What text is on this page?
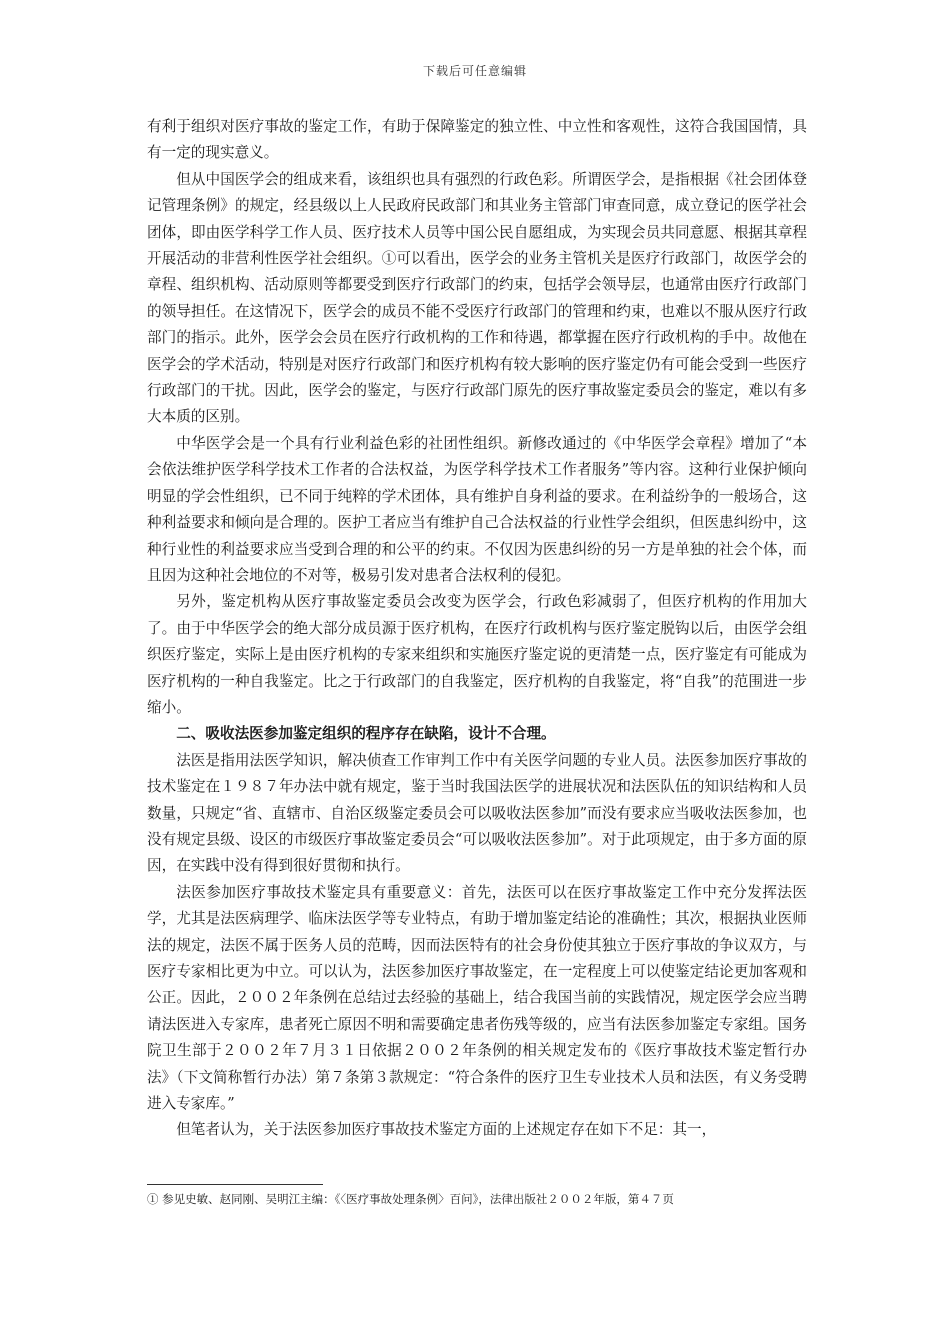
下载后可任意编辑

有利于组织对医疗事故的鉴定工作，有助于保障鉴定的独立性、中立性和客观性，这符合我国国情，具有一定的现实意义。

但从中国医学会的组成来看，该组织也具有强烈的行政色彩。所谓医学会，是指根据《社会团体登记管理条例》的规定，经县级以上人民政府民政部门和其业务主管部门审查同意，成立登记的医学社会团体，即由医学科学工作人员、医疗技术人员等中国公民自愿组成，为实现会员共同意愿、根据其章程开展活动的非营利性医学社会组织。①可以看出，医学会的业务主管机关是医疗行政部门，故医学会的章程、组织机构、活动原则等都要受到医疗行政部门的约束，包括学会领导层，也通常由医疗行政部门的领导担任。在这情况下，医学会的成员不能不受医疗行政部门的管理和约束，也难以不服从医疗行政部门的指示。此外，医学会会员在医疗行政机构的工作和待遇，都掌握在医疗行政机构的手中。故他在医学会的学术活动，特别是对医疗行政部门和医疗机构有较大影响的医疗鉴定仍有可能会受到一些医疗行政部门的干扰。因此，医学会的鉴定，与医疗行政部门原先的医疗事故鉴定委员会的鉴定，难以有多大本质的区别。

中华医学会是一个具有行业利益色彩的社团性组织。新修改通过的《中华医学会章程》增加了“本会依法维护医学科学技术工作者的合法权益，为医学科学技术工作者服务”等内容。这种行业保护倾向明显的学会性组织，已不同于纯粹的学术团体，具有维护自身利益的要求。在利益纷争的一般场合，这种利益要求和倾向是合理的。医护工者应当有维护自己合法权益的行业性学会组织，但医患纠纷中，这种行业性的利益要求应当受到合理的和公平的约束。不仅因为医患纠纷的另一方是单独的社会个体，而且因为这种社会地位的不对等，极易引发对患者合法权利的侵犯。

另外，鉴定机构从医疗事故鉴定委员会改变为医学会，行政色彩减弱了，但医疗机构的作用加大了。由于中华医学会的绝大部分成员源于医疗机构，在医疗行政机构与医疗鉴定脱钩以后，由医学会组织医疗鉴定，实际上是由医疗机构的专家来组织和实施医疗鉴定说的更清楚一点，医疗鉴定有可能成为医疗机构的一种自我鉴定。比之于行政部门的自我鉴定，医疗机构的自我鉴定，将“自我”的范围进一步缩小。

二、吸收法医参加鉴定组织的程序存在缺陷，设计不合理。

法医是指用法医学知识，解决侦查工作审判工作中有关医学问题的专业人员。法医参加医疗事故的技术鉴定在１９８７年办法中就有规定，鉴于当时我国法医学的进展状况和法医队伍的知识结构和人员数量，只规定“省、直辖市、自治区级鉴定委员会可以吸收法医参加”而没有要求应当吸收法医参加，也没有规定县级、设区的市级医疗事故鉴定委员会“可以吸收法医参加”。对于此项规定，由于多方面的原因，在实践中没有得到很好贯彻和执行。

法医参加医疗事故技术鉴定具有重要意义：首先，法医可以在医疗事故鉴定工作中充分发挥法医学，尤其是法医病理学、临床法医学等专业特点，有助于增加鉴定结论的准确性；其次，根据执业医师法的规定，法医不属于医务人员的范畴，因而法医特有的社会身份使其独立于医疗事故的争议双方，与医疗专家相比更为中立。可以认为，法医参加医疗事故鉴定，在一定程度上可以使鉴定结论更加客观和公正。因此，２００２年条例在总结过去经验的基础上，结合我国当前的实践情况，规定医学会应当聘请法医进入专家库，患者死亡原因不明和需要确定患者伤残等级的，应当有法医参加鉴定专家组。国务院卫生部于２００２年７月３１日依据２００２年条例的相关规定发布的《医疗事故技术鉴定暂行办法》（下文简称暂行办法）第７条第３款规定：“符合条件的医疗卫生专业技术人员和法医，有义务受聘进入专家库。”

但笔者认为，关于法医参加医疗事故技术鉴定方面的上述规定存在如下不足：其一，

① 参见史敏、赵同刚、吴明江主编：《〈医疗事故处理条例〉百问》，法律出版社２００２年版，第４７页
